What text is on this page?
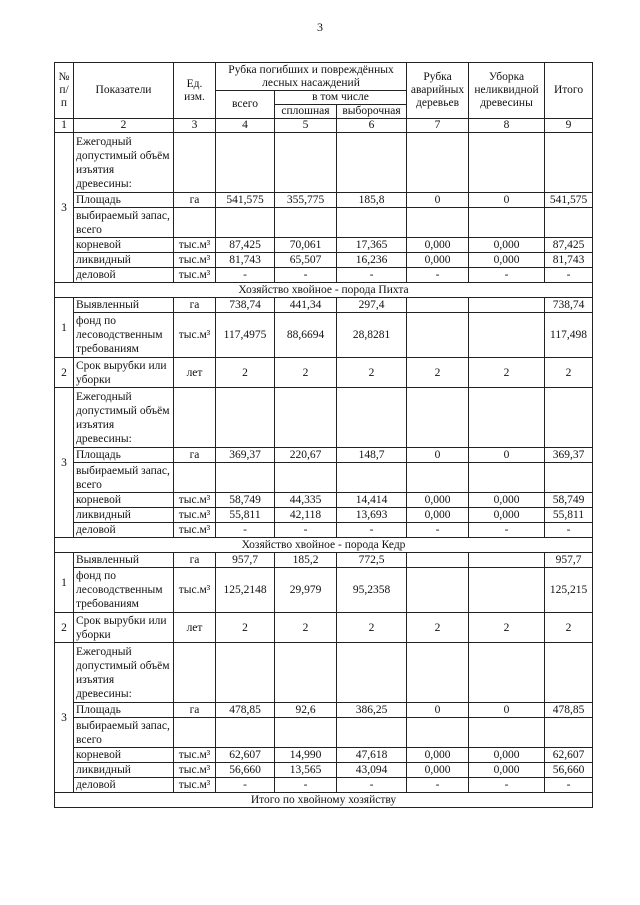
3
№ п/п	Показатели	Ед. изм.	Рубка погибших и повреждённых лесных насаждений			Рубка аварийных деревьев	Уборка неликвидной древесины	Итого
			всего	в том числе				
				сплошная	выборочная			
1	2	3	4	5	6	7	8	9
3	Ежегодный допустимый объём изъятия древесины:							
	Площадь	га	541,575	355,775	185,8	0	0	541,575
	выбираемый запас, всего							
	корневой	тыс.м³	87,425	70,061	17,365	0,000	0,000	87,425
	ликвидный	тыс.м³	81,743	65,507	16,236	0,000	0,000	81,743
	деловой	тыс.м³	-	-	-	-	-	-
Хозяйство хвойное - порода Пихта								
1	Выявленный	га	738,74	441,34	297,4			738,74
	фонд по лесоводственным требованиям	тыс.м³	117,4975	88,6694	28,8281			117,498
2	Срок вырубки или уборки	лет	2	2	2	2	2	2
3	Ежегодный допустимый объём изъятия древесины:							
	Площадь	га	369,37	220,67	148,7	0	0	369,37
	выбираемый запас, всего							
	корневой	тыс.м³	58,749	44,335	14,414	0,000	0,000	58,749
	ликвидный	тыс.м³	55,811	42,118	13,693	0,000	0,000	55,811
	деловой	тыс.м³	-	-	-	-	-	-
Хозяйство хвойное - порода Кедр								
1	Выявленный	га	957,7	185,2	772,5			957,7
	фонд по лесоводственным требованиям	тыс.м³	125,2148	29,979	95,2358			125,215
2	Срок вырубки или уборки	лет	2	2	2	2	2	2
3	Ежегодный допустимый объём изъятия древесины:							
	Площадь	га	478,85	92,6	386,25	0	0	478,85
	выбираемый запас, всего							
	корневой	тыс.м³	62,607	14,990	47,618	0,000	0,000	62,607
	ликвидный	тыс.м³	56,660	13,565	43,094	0,000	0,000	56,660
	деловой	тыс.м³	-	-	-	-	-	-
Итого по хвойному хозяйству								
